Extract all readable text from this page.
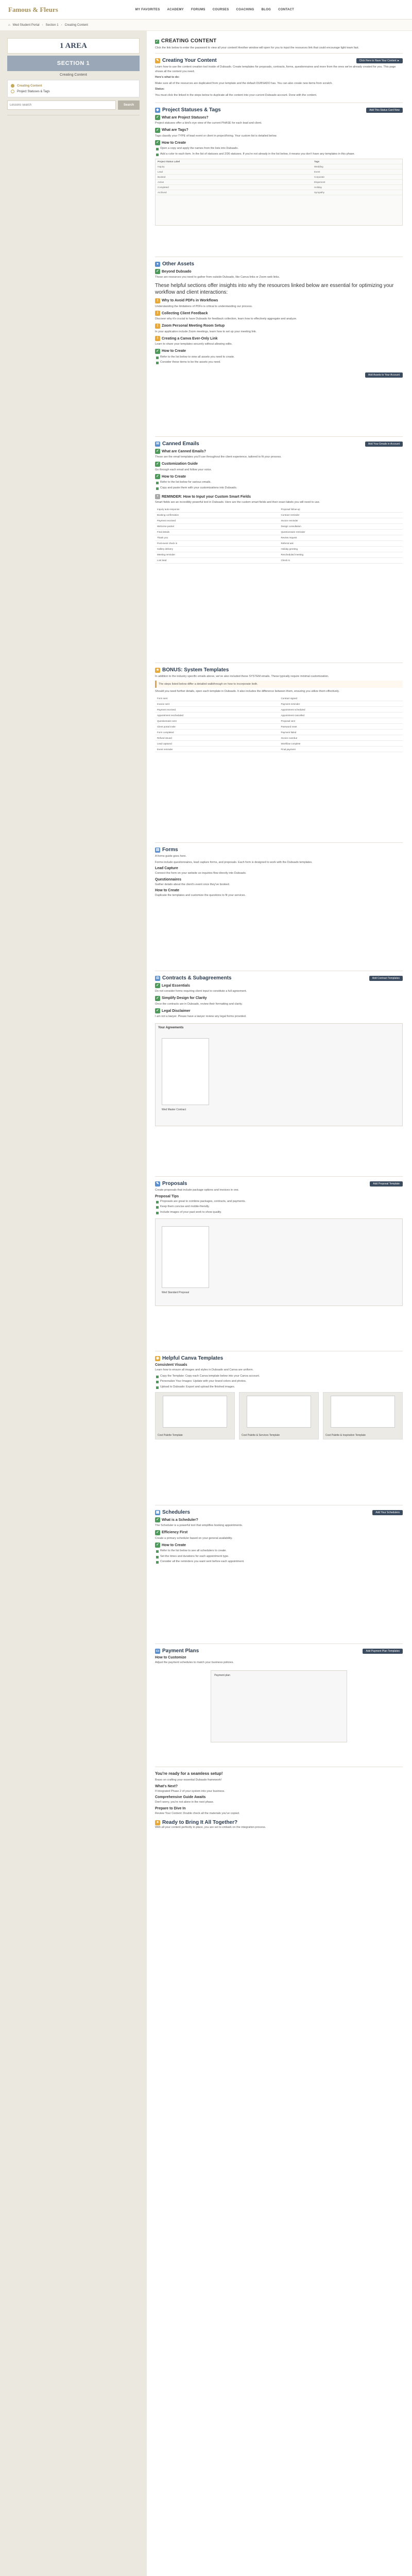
Famous & Fleurs	MY FAVORITES ACADEMY FORUMS COURSES COACHING BLOG CONTACT
⌂ Wed Student Portal › Section 1 › Creating Content
1 AREA
SECTION 1
Creating Content
Creating Content
Project Statuses & Tags
Lessons search
Search
✓ CREATING CONTENT
Click the link below to enter the password to view all your content! Another window will open for you to input the resources link that could encourage light team fast.
✎ Creating Your Content	Click Here to Have Your Content ►
Learn how to use the content creation tool inside of Dubsado. Create templates for proposals, contracts, forms, questionnaires and more from the ones we've already created for you. This page shows all the content you need.
Here's what to do:
Make sure all of the resources are duplicated from your template and the default DUBSADO has. You can also create new items from scratch.
Status:
You must click the linked in the steps below to duplicate all the content into your current Dubsado account. Done with the content.
◆ Project Statuses & Tags	Add This Status Card Now
✓ What are Project Statuses?
Project statuses offer a bird's eye view of the current PHASE for each lead and client.
✓ What are Tags?
Tags classify your TYPE of lead event or client in project/hiring. Your custom list is detailed below.
✓ How to Create
Open a copy and apply the names from the lists into Dubsado.
Add a color to each item. In the list of statuses and 2/36 statuses. If you're not already in the list below, it means you don't have any templates in this phase.
Project Status Label	Tags
Inquiry	Wedding
Lead	Event
Booked	Corporate
Active	Elopement
Completed	Holiday
Archived	Sympathy
● Other Assets
✓ Beyond Dubsado
These are resources you need to gather from outside Dubsado, like Canva links or Zoom web links.
These helpful sections offer insights into why the resources linked below are essential for optimizing your workflow and client interactions:
! Why to Avoid PDFs in Workflows
Understanding the limitations of PDFs is critical to understanding our process.
! Collecting Client Feedback
Discover why it's crucial to have Dubsado for feedback collection, learn how to effectively aggregate and analyze.
! Zoom Personal Meeting Room Setup
In your application include Zoom meetings, learn how to set up your meeting link.
! Creating a Canva Ever-Only Link
Learn to share your templates securely without allowing edits.
✓ How to Create
Refer to the list below to view all assets you need to create.
Consider these items to be the assets you need.
Add Assets to Your Account
✉ Canned Emails	Add Your Emails in Account
✓ What are Canned Emails?
These are the email templates you'll use throughout the client experience, tailored to fit your process.
✓ Customization Guide
Go through each email and follow your voice.
✓ How to Create
Refer to the list below for various emails.
Copy and paste them with your customizations into Dubsado.
• REMINDER: How to Input your Custom Smart Fields
Smart fields are an incredibly powerful tool in Dubsado. Here are the custom smart fields and their exact labels you will need to use.
Inquiry auto-response	Proposal follow-up
Booking confirmation	Contract reminder
Payment received	Invoice reminder
Welcome packet	Design consultation
Final details	Questionnaire reminder
Thank you	Review request
Post-event check in	Referral ask
Gallery delivery	Holiday greeting
Meeting reminder	Rescheduled meeting
Lost lead	Check in
★ BONUS: System Templates
In addition to the industry specific emails above, we've also included these SYSTEM emails. These typically require minimal customization.
The steps listed below differ a detailed walkthrough on how to incorporate both.
Should you need further details, open each template in Dubsado. It also includes the difference between them, ensuring you utilize them effectively.
Form sent	Contract signed
Invoice sent	Payment reminder
Payment received	Appointment scheduled
Appointment rescheduled	Appointment cancelled
Questionnaire sent	Proposal sent
Client portal invite	Password reset
Form completed	Payment failed
Refund issued	Invoice overdue
Lead captured	Workflow complete
Event reminder	Final payment
▤ Forms
A forms guide goes here.
Forms include questionnaires, lead capture forms, and proposals. Each form is designed to work with the Dubsado templates.
Lead Capture
Connect the form on your website so inquiries flow directly into Dubsado.
Questionnaires
Gather details about the client's event once they've booked.
How to Create
Duplicate the templates and customize the questions to fit your services.
⚖ Contracts & Subagreements	Add Contract Templates
✓ Legal Essentials
Do not consider forms requiring client input to constitute a full agreement.
✓ Simplify Design for Clarity
Once the contracts are in Dubsado, review their formatting and clarity.
✓ Legal Disclaimer
I am not a lawyer. Please have a lawyer review any legal forms provided.
Your Agreements
Wed Master Contract
✎ Proposals	Add Proposal Template
Create proposals that include package options and invoices in one.
Proposal Tips
Proposals are great to combine packages, contracts, and payments.
Keep them concise and mobile-friendly.
Include images of your past work to show quality.
Wed Standard Proposal
◉ Helpful Canva Templates
Consistent Visuals
Learn how to ensure all images and styles in Dubsado and Canva are uniform.
Copy the Template: Copy each Canva template below into your Canva account.
Personalize Your Images: Update with your brand colors and photos.
Upload to Dubsado: Export and upload the finished images.
Cost Palette Template	Cost Palette & Services Template	Cost Palette & Inspiration Template
▦ Schedulers	Add Your Schedulers
✓ What is a Scheduler?
The Scheduler is a powerful tool that simplifies booking appointments.
✓ Efficiency First
Create a primary scheduler based on your general availability.
✓ How to Create
Refer to the list below to see all schedulers to create.
Set the times and durations for each appointment type.
Consider all the reminders you want sent before each appointment.
▭ Payment Plans	Add Payment Plan Templates
How to Customize
Adjust the payment schedules to match your business policies.
Payment plan
You're ready for a seamless setup!
Bravo on crafting your essential Dubsado framework!
What's Next?
If Integrated Phase 2 of your system into your business.
Comprehensive Guide Awaits
Don't worry, you're not alone in the next phase.
Prepare to Dive In
Review Your Content: Double check all the materials you've copied.
✦ Ready to Bring It All Together?
With all your content perfectly in place, you are set to embark on the integration process.
